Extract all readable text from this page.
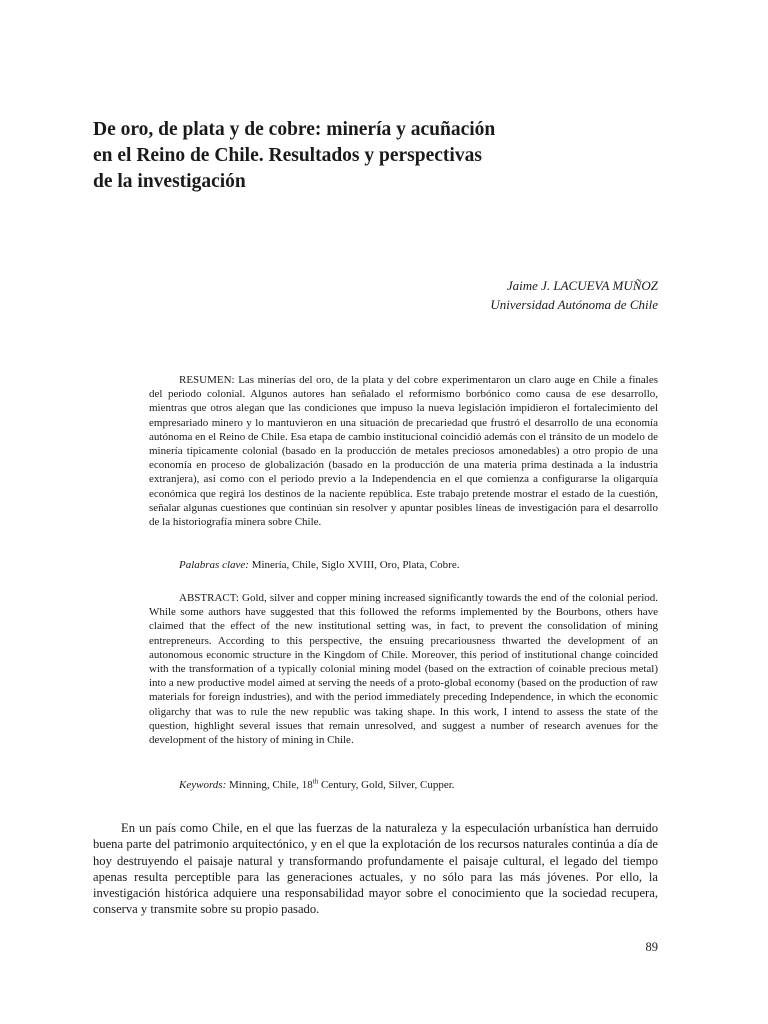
De oro, de plata y de cobre: minería y acuñación
en el Reino de Chile. Resultados y perspectivas
de la investigación
Jaime J. LACUEVA MUÑOZ
Universidad Autónoma de Chile

RESUMEN: Las minerías del oro, de la plata y del cobre experimentaron un claro auge en Chile a finales del periodo colonial. Algunos autores han señalado el reformismo borbónico como causa de ese desarrollo, mientras que otros alegan que las condiciones que impuso la nueva legislación impidieron el fortalecimiento del empresariado minero y lo mantuvieron en una situación de precariedad que frustró el desarrollo de una economía autónoma en el Reino de Chile. Esa etapa de cambio institucional coincidió además con el tránsito de un modelo de minería típicamente colonial (basado en la producción de metales preciosos amonedables) a otro propio de una economía en proceso de globalización (basado en la producción de una materia prima destinada a la industria extranjera), así como con el periodo previo a la Independencia en el que comienza a configurarse la oligarquía económica que regirá los destinos de la naciente república. Este trabajo pretende mostrar el estado de la cuestión, señalar algunas cuestiones que continúan sin resolver y apuntar posibles líneas de investigación para el desarrollo de la historiografía minera sobre Chile.

Palabras clave: Minería, Chile, Siglo XVIII, Oro, Plata, Cobre.

ABSTRACT: Gold, silver and copper mining increased significantly towards the end of the colonial period. While some authors have suggested that this followed the reforms implemented by the Bourbons, others have claimed that the effect of the new institutional setting was, in fact, to prevent the consolidation of mining entrepreneurs. According to this perspective, the ensuing precariousness thwarted the development of an autonomous economic structure in the Kingdom of Chile. Moreover, this period of institutional change coincided with the transformation of a typically colonial mining model (based on the extraction of coinable precious metal) into a new productive model aimed at serving the needs of a proto-global economy (based on the production of raw materials for foreign industries), and with the period immediately preceding Independence, in which the economic oligarchy that was to rule the new republic was taking shape. In this work, I intend to assess the state of the question, highlight several issues that remain unresolved, and suggest a number of research avenues for the development of the history of mining in Chile.

Keywords: Minning, Chile, 18th Century, Gold, Silver, Cupper.

En un país como Chile, en el que las fuerzas de la naturaleza y la especulación urbanística han derruido buena parte del patrimonio arquitectónico, y en el que la explotación de los recursos naturales continúa a día de hoy destruyendo el paisaje natural y transformando profundamente el paisaje cultural, el legado del tiempo apenas resulta perceptible para las generaciones actuales, y no sólo para las más jóvenes. Por ello, la investigación histórica adquiere una responsabilidad mayor sobre el conocimiento que la sociedad recupera, conserva y transmite sobre su propio pasado.

89
